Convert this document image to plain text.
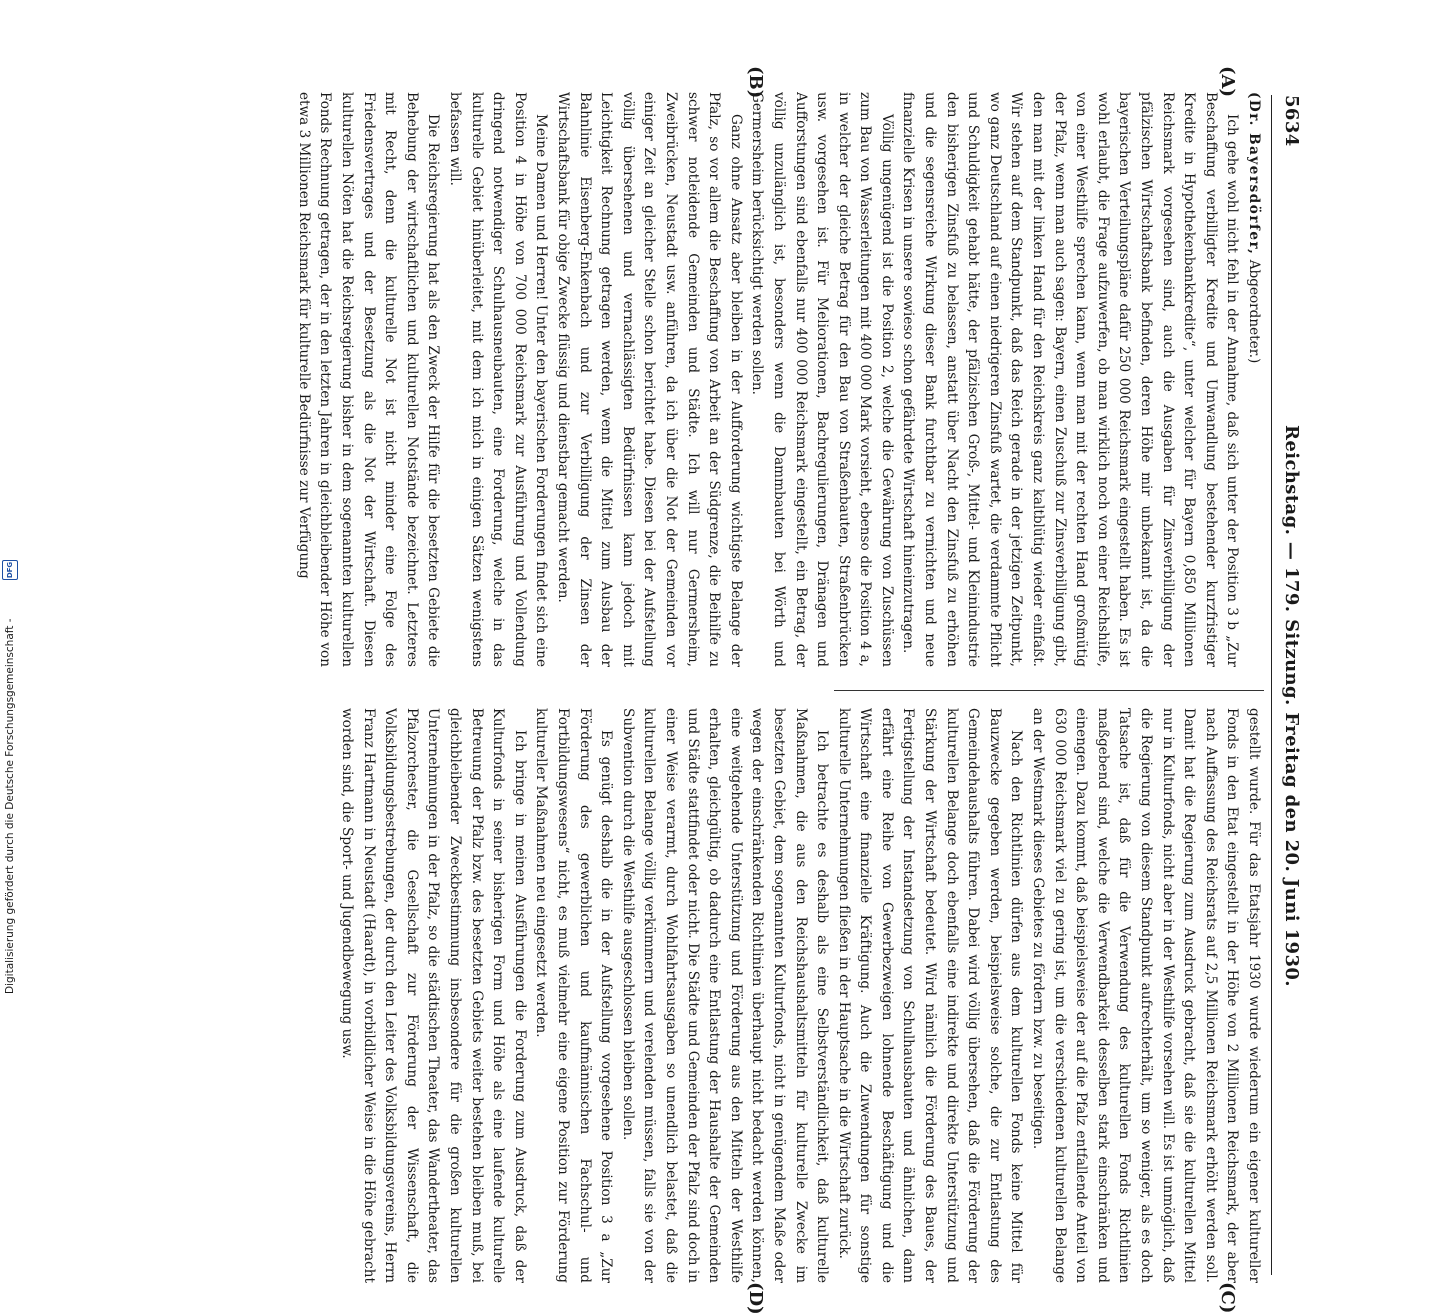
5634
Reichstag. — 179. Sitzung. Freitag den 20. Juni 1930.
(A)
(B)
(C)
(D)

(Dr. Bayersdörfer, Abgeordneter.)

Ich gehe wohl nicht fehl in der Annahme, daß sich unter der Position 3 b „Zur Beschaffung verbilligter Kredite und Umwandlung bestehender kurzfristiger Kredite in Hypothekenbankkredite“, unter welcher für Bayern 0,850 Millionen Reichsmark vorgesehen sind, auch die Ausgaben für Zinsverbilligung der pfälzischen Wirtschaftsbank befinden, deren Höhe mir unbekannt ist, da die bayerischen Verteilungspläne dafür 250 000 Reichsmark eingestellt haben. Es ist wohl erlaubt, die Frage aufzuwerfen, ob man wirklich noch von einer Reichshilfe, von einer Westhilfe sprechen kann, wenn man mit der rechten Hand großmütig der Pfalz, wenn man auch sagen: Bayern, einen Zuschuß zur Zinsverbilligung gibt, den man mit der linken Hand für den Reichskreis ganz kaltblütig wieder einfaßt. Wir stehen auf dem Standpunkt, daß das Reich gerade in der jetzigen Zeitpunkt, wo ganz Deutschland auf einen niedrigeren Zinsfuß wartet, die verdammte Pflicht und Schuldigkeit gehabt hätte, der pfälzischen Groß-, Mittel- und Kleinindustrie den bisherigen Zinsfuß zu belassen, anstatt über Nacht den Zinsfuß zu erhöhen und die segensreiche Wirkung dieser Bank furchtbar zu vernichten und neue finanzielle Krisen in unsere sowieso schon gefährdete Wirtschaft hineinzutragen.

Völlig ungenügend ist die Position 2, welche die Gewährung von Zuschüssen zum Bau von Wasserleitungen mit 400 000 Mark vorsieht, ebenso die Position 4 a, in welcher der gleiche Betrag für den Bau von Straßenbauten, Straßenbrücken usw. vorgesehen ist. Für Meliorationen, Bachregulierungen, Dränagen und Aufforstungen sind ebenfalls nur 400 000 Reichsmark eingestellt, ein Betrag, der völlig unzulänglich ist, besonders wenn die Dammbauten bei Wörth und Germersheim berücksichtigt werden sollen.

Ganz ohne Ansatz aber bleiben in der Aufforderung wichtigste Belange der Pfalz, so vor allem die Beschaffung von Arbeit an der Südgrenze, die Beihilfe zu schwer notleidende Gemeinden und Städte. Ich will nur Germersheim, Zweibrücken, Neustadt usw. anführen, da ich über die Not der Gemeinden vor einiger Zeit an gleicher Stelle schon berichtet habe. Diesen bei der Aufstellung völlig übersehenen und vernachlässigten Bedürfnissen kann jedoch mit Leichtigkeit Rechnung getragen werden, wenn die Mittel zum Ausbau der Bahnlinie Eisenberg-Enkenbach und zur Verbilligung der Zinsen der Wirtschaftsbank für obige Zwecke flüssig und dienstbar gemacht werden.

Meine Damen und Herren! Unter den bayerischen Forderungen findet sich eine Position 4 in Höhe von 700 000 Reichsmark zur Ausführung und Vollendung dringend notwendiger Schulhausneubauten, eine Forderung, welche in das kulturelle Gebiet hinüberleitet, mit dem ich mich in einigen Sätzen wenigstens befassen will.

Die Reichsregierung hat als den Zweck der Hilfe für die besetzten Gebiete die Behebung der wirtschaftlichen und kulturellen Notstände bezeichnet. Letzteres mit Recht, denn die kulturelle Not ist nicht minder eine Folge des Friedensvertrages und der Besetzung als die Not der Wirtschaft. Diesen kulturellen Nöten hat die Reichsregierung bisher in dem sogenannten kulturellen Fonds Rechnung getragen, der in den letzten Jahren in gleichbleibender Höhe von etwa 3 Millionen Reichsmark für kulturelle Bedürfnisse zur Verfügung

gestellt wurde. Für das Etatsjahr 1930 wurde wiederum ein eigener kultureller Fonds in den Etat eingestellt in der Höhe von 2 Millionen Reichsmark, der aber nach Auffassung des Reichsrats auf 2,5 Millionen Reichsmark erhöht werden soll. Damit hat die Regierung zum Ausdruck gebracht, daß sie die kulturellen Mittel nur in Kulturfonds, nicht aber in der Westhilfe vorsehen will. Es ist unmöglich, daß die Regierung von diesem Standpunkt aufrechterhält, um so weniger, als es doch Tatsache ist, daß für die Verwendung des kulturellen Fonds Richtlinien maßgebend sind, welche die Verwendbarkeit desselben stark einschränken und einengen. Dazu kommt, daß beispielsweise der auf die Pfalz entfallende Anteil von 630 000 Reichsmark viel zu gering ist, um die verschiedenen kulturellen Belange an der Westmark dieses Gebietes zu fördern bzw. zu beseitigen.

Nach den Richtlinien dürfen aus dem kulturellen Fonds keine Mittel für Bauzwecke gegeben werden, beispielsweise solche, die zur Entlastung des Gemeindehaushalts führen. Dabei wird völlig übersehen, daß die Förderung der kulturellen Belange doch ebenfalls eine indirekte und direkte Unterstützung und Stärkung der Wirtschaft bedeutet. Wird nämlich die Förderung des Baues, der Fertigstellung der Instandsetzung von Schulhausbauten und ähnlichen, dann erfährt eine Reihe von Gewerbezweigen lohnende Beschäftigung und die Wirtschaft eine finanzielle Kräftigung. Auch die Zuwendungen für sonstige kulturelle Unternehmungen fließen in der Hauptsache in die Wirtschaft zurück.

Ich betrachte es deshalb als eine Selbstverständlichkeit, daß kulturelle Maßnahmen, die aus den Reichshaushaltsmitteln für kulturelle Zwecke im besetzten Gebiet, dem sogenannten Kulturfonds, nicht in genügendem Maße oder wegen der einschränkenden Richtlinien überhaupt nicht bedacht werden können, eine weitgehende Unterstützung und Förderung aus den Mitteln der Westhilfe erhalten, gleichgültig, ob dadurch eine Entlastung der Haushalte der Gemeinden und Städte stattfindet oder nicht. Die Städte und Gemeinden der Pfalz sind doch in einer Weise verarmt, durch Wohlfahrtsausgaben so unendlich belastet, daß die kulturellen Belange völlig verkümmern und verelenden müssen, falls sie von der Subvention durch die Westhilfe ausgeschlossen bleiben sollen.

Es genügt deshalb die in der Aufstellung vorgesehene Position 3 a „Zur Förderung des gewerblichen und kaufmännischen Fachschul- und Fortbildungswesens“ nicht, es muß vielmehr eine eigene Position zur Förderung kultureller Maßnahmen neu eingesetzt werden.

Ich bringe in meinen Ausführungen die Forderung zum Ausdruck, daß der Kulturfonds in seiner bisherigen Form und Höhe als eine laufende kulturelle Betreuung der Pfalz bzw. des besetzten Gebiets weiter bestehen bleiben muß, bei gleichbleibender Zweckbestimmung insbesondere für die großen kulturellen Unternehmungen in der Pfalz, so die städtischen Theater, das Wandertheater, das Pfalzorchester, die Gesellschaft zur Förderung der Wissenschaft, die Volksbildungsbestrebungen, der durch den Leiter des Volksbildungsvereins, Herrn Franz Hartmann in Neustadt (Haardt), in vorbildlicher Weise in die Höhe gebracht worden sind, die Sport- und Jugendbewegung usw.

Digitalisierung gefördert durch die Deutsche Forschungsgemeinschaft -
DFG
